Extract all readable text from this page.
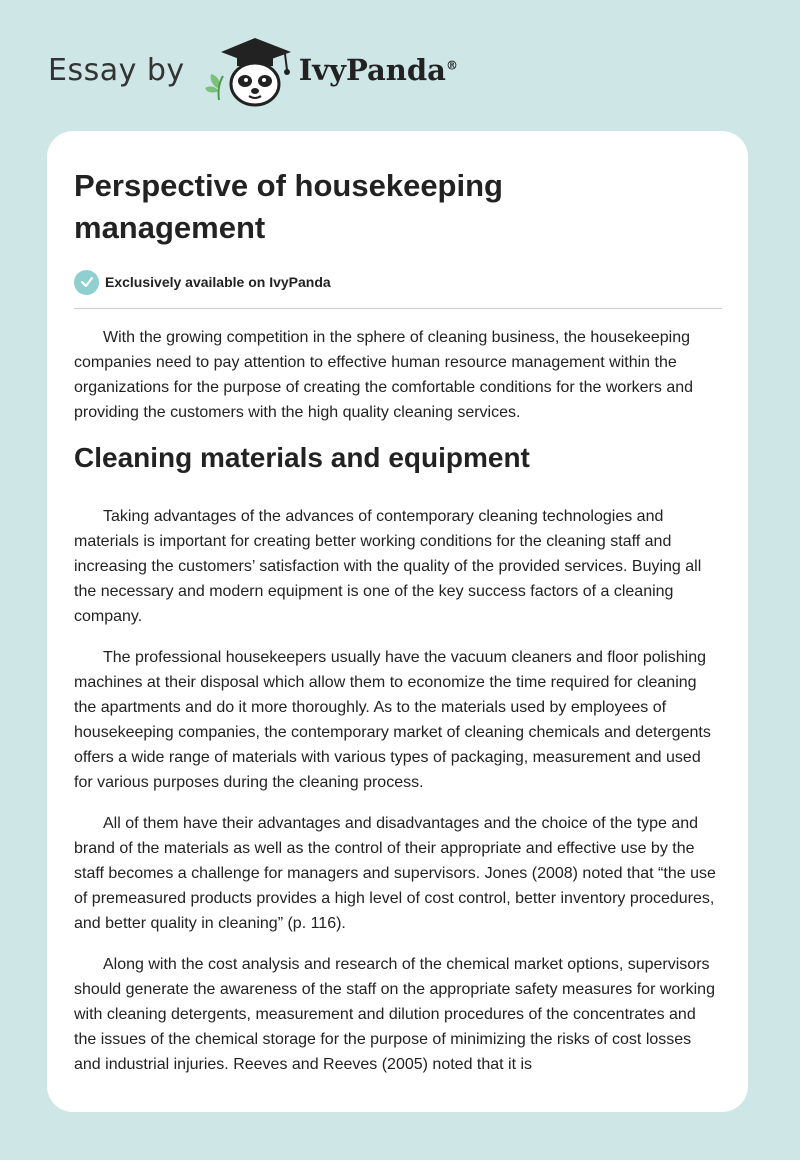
Essay by	IvyPanda®
Perspective of housekeeping management
Exclusively available on IvyPanda

With the growing competition in the sphere of cleaning business, the housekeeping companies need to pay attention to effective human resource management within the organizations for the purpose of creating the comfortable conditions for the workers and providing the customers with the high quality cleaning services.

Cleaning materials and equipment

Taking advantages of the advances of contemporary cleaning technologies and materials is important for creating better working conditions for the cleaning staff and increasing the customers’ satisfaction with the quality of the provided services. Buying all the necessary and modern equipment is one of the key success factors of a cleaning company.

The professional housekeepers usually have the vacuum cleaners and floor polishing machines at their disposal which allow them to economize the time required for cleaning the apartments and do it more thoroughly. As to the materials used by employees of housekeeping companies, the contemporary market of cleaning chemicals and detergents offers a wide range of materials with various types of packaging, measurement and used for various purposes during the cleaning process.

All of them have their advantages and disadvantages and the choice of the type and brand of the materials as well as the control of their appropriate and effective use by the staff becomes a challenge for managers and supervisors. Jones (2008) noted that “the use of premeasured products provides a high level of cost control, better inventory procedures, and better quality in cleaning” (p. 116).

Along with the cost analysis and research of the chemical market options, supervisors should generate the awareness of the staff on the appropriate safety measures for working with cleaning detergents, measurement and dilution procedures of the concentrates and the issues of the chemical storage for the purpose of minimizing the risks of cost losses and industrial injuries. Reeves and Reeves (2005) noted that it is
